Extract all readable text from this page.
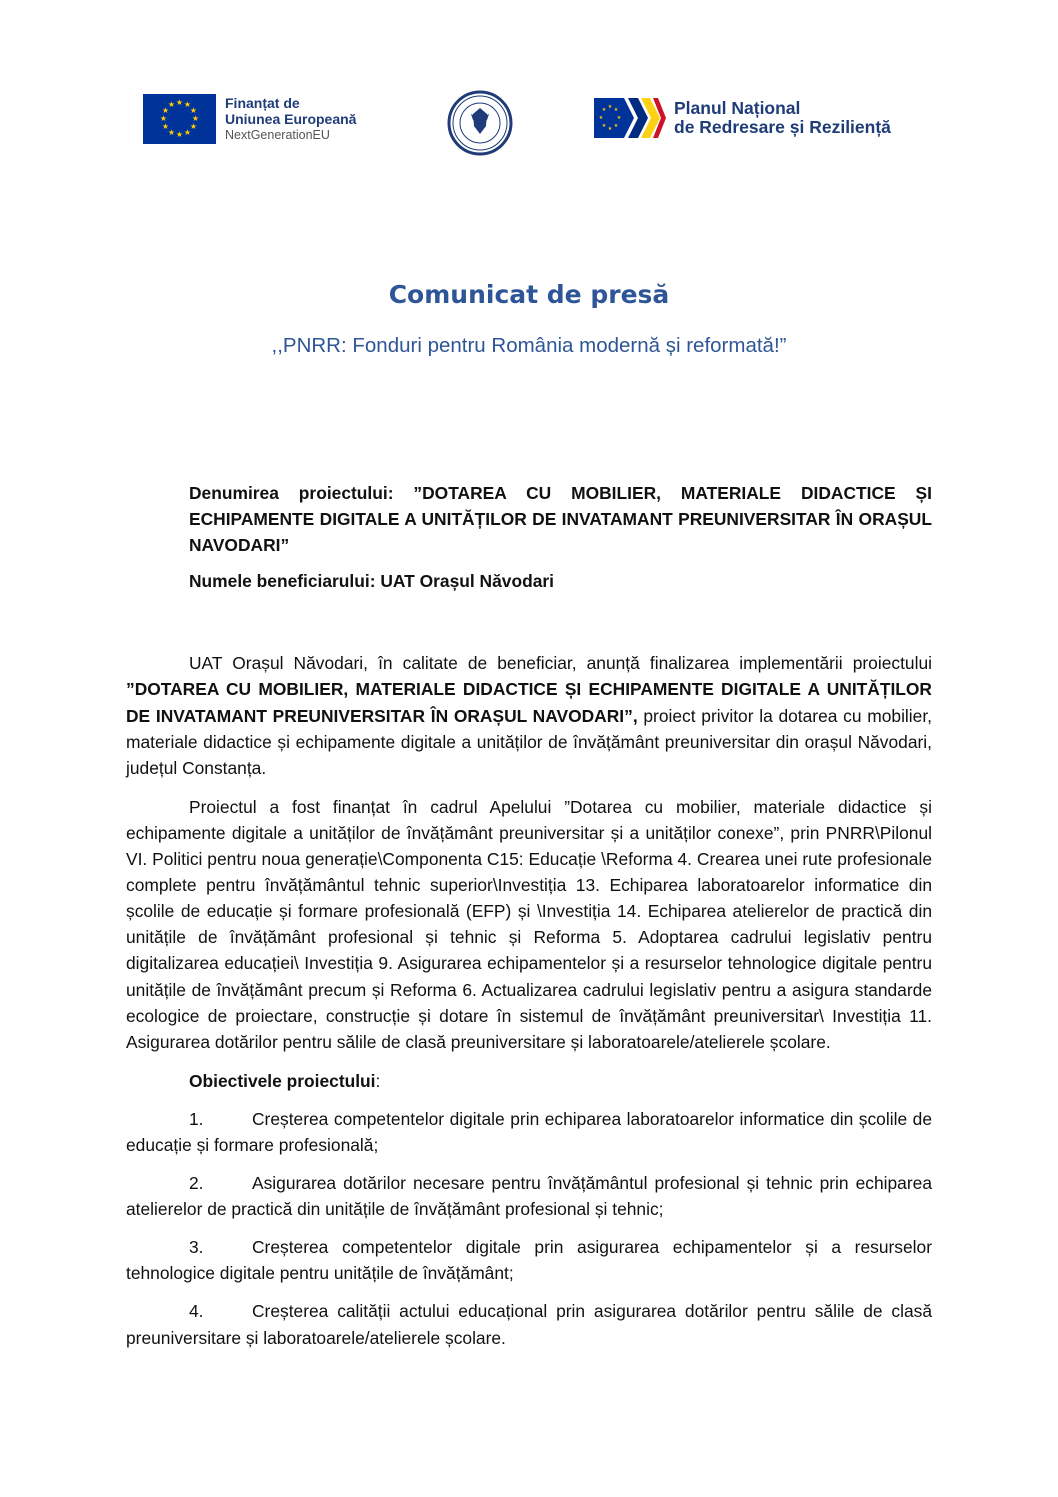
★ ★
★
★
★
★
★
★
★
★
★
★	Finanțat de
Uniunea Europeană
NextGenerationEU
★ ★
★
★
★
★
★
★	Planul Național
de Redresare și Reziliență
Comunicat de presă
,,PNRR: Fonduri pentru România modernă și reformată!”

Denumirea proiectului: ”DOTAREA CU MOBILIER, MATERIALE DIDACTICE ȘI ECHIPAMENTE DIGITALE A UNITĂȚILOR DE INVATAMANT PREUNIVERSITAR ÎN ORAȘUL NAVODARI”

Numele beneficiarului: UAT Orașul Năvodari

UAT Orașul Năvodari, în calitate de beneficiar, anunță finalizarea implementării proiectului ”DOTAREA CU MOBILIER, MATERIALE DIDACTICE ȘI ECHIPAMENTE DIGITALE A UNITĂȚILOR DE INVATAMANT PREUNIVERSITAR ÎN ORAȘUL NAVODARI”, proiect privitor la dotarea cu mobilier, materiale didactice și echipamente digitale a unităților de învățământ preuniversitar din orașul Năvodari, județul Constanța.

Proiectul a fost finanțat în cadrul Apelului ”Dotarea cu mobilier, materiale didactice și echipamente digitale a unităților de învățământ preuniversitar și a unităților conexe”, prin PNRR\Pilonul VI. Politici pentru noua generație\Componenta C15: Educație \Reforma 4. Crearea unei rute profesionale complete pentru învățământul tehnic superior\Investiția 13. Echiparea laboratoarelor informatice din școlile de educație și formare profesională (EFP) și \Investiția 14. Echiparea atelierelor de practică din unitățile de învățământ profesional și tehnic și Reforma 5. Adoptarea cadrului legislativ pentru digitalizarea educației\ Investiția 9. Asigurarea echipamentelor și a resurselor tehnologice digitale pentru unitățile de învățământ precum și Reforma 6. Actualizarea cadrului legislativ pentru a asigura standarde ecologice de proiectare, construcție și dotare în sistemul de învățământ preuniversitar\ Investiția 11. Asigurarea dotărilor pentru sălile de clasă preuniversitare și laboratoarele/atelierele școlare.

Obiectivele proiectului:

1.	Creșterea competentelor digitale prin echiparea laboratoarelor informatice din școlile de educație și formare profesională;

2.	Asigurarea dotărilor necesare pentru învățământul profesional și tehnic prin echiparea atelierelor de practică din unitățile de învățământ profesional și tehnic;

3.	Creșterea competentelor digitale prin asigurarea echipamentelor și a resurselor tehnologice digitale pentru unitățile de învățământ;

4.	Creșterea calității actului educațional prin asigurarea dotărilor pentru sălile de clasă preuniversitare și laboratoarele/atelierele școlare.
